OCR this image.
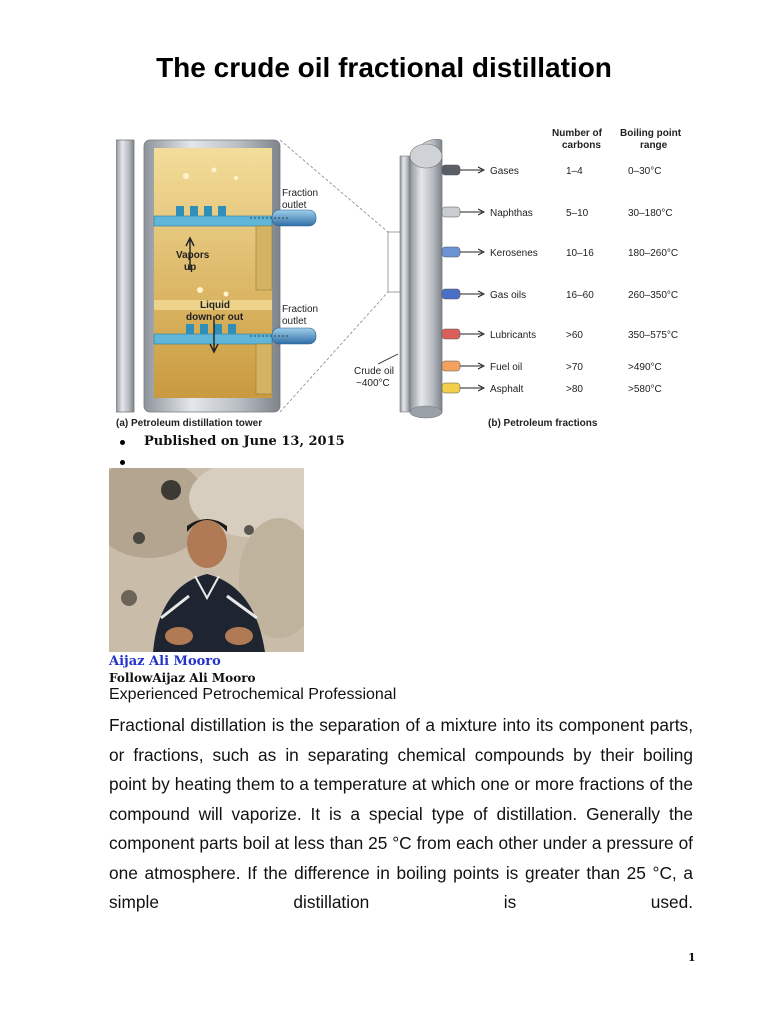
The crude oil fractional distillation
Fraction
outlet
Fraction
outlet
Vapors
up
Liquid
down or out
Crude oil
~400°C
Number of
carbons
Boiling point
range
Gases	1–4	0–30°C
Naphthas	5–10	30–180°C
Kerosenes	10–16	180–260°C
Gas oils	16–60	260–350°C
Lubricants	>60	350–575°C
Fuel oil	>70	>490°C
Asphalt	>80	>580°C
(a) Petroleum distillation tower	(b) Petroleum fractions
Published on June 13, 2015
Aijaz Ali Mooro
FollowAijaz Ali Mooro
Experienced Petrochemical Professional

Fractional distillation is the separation of a mixture into its component parts, or fractions, such as in separating chemical compounds by their boiling point by heating them to a temperature at which one or more fractions of the compound will vaporize. It is a special type of distillation. Generally the component parts boil at less than 25 °C from each other under a pressure of one atmosphere. If the difference in boiling points is greater than 25 °C, a simple distillation is used.

1
